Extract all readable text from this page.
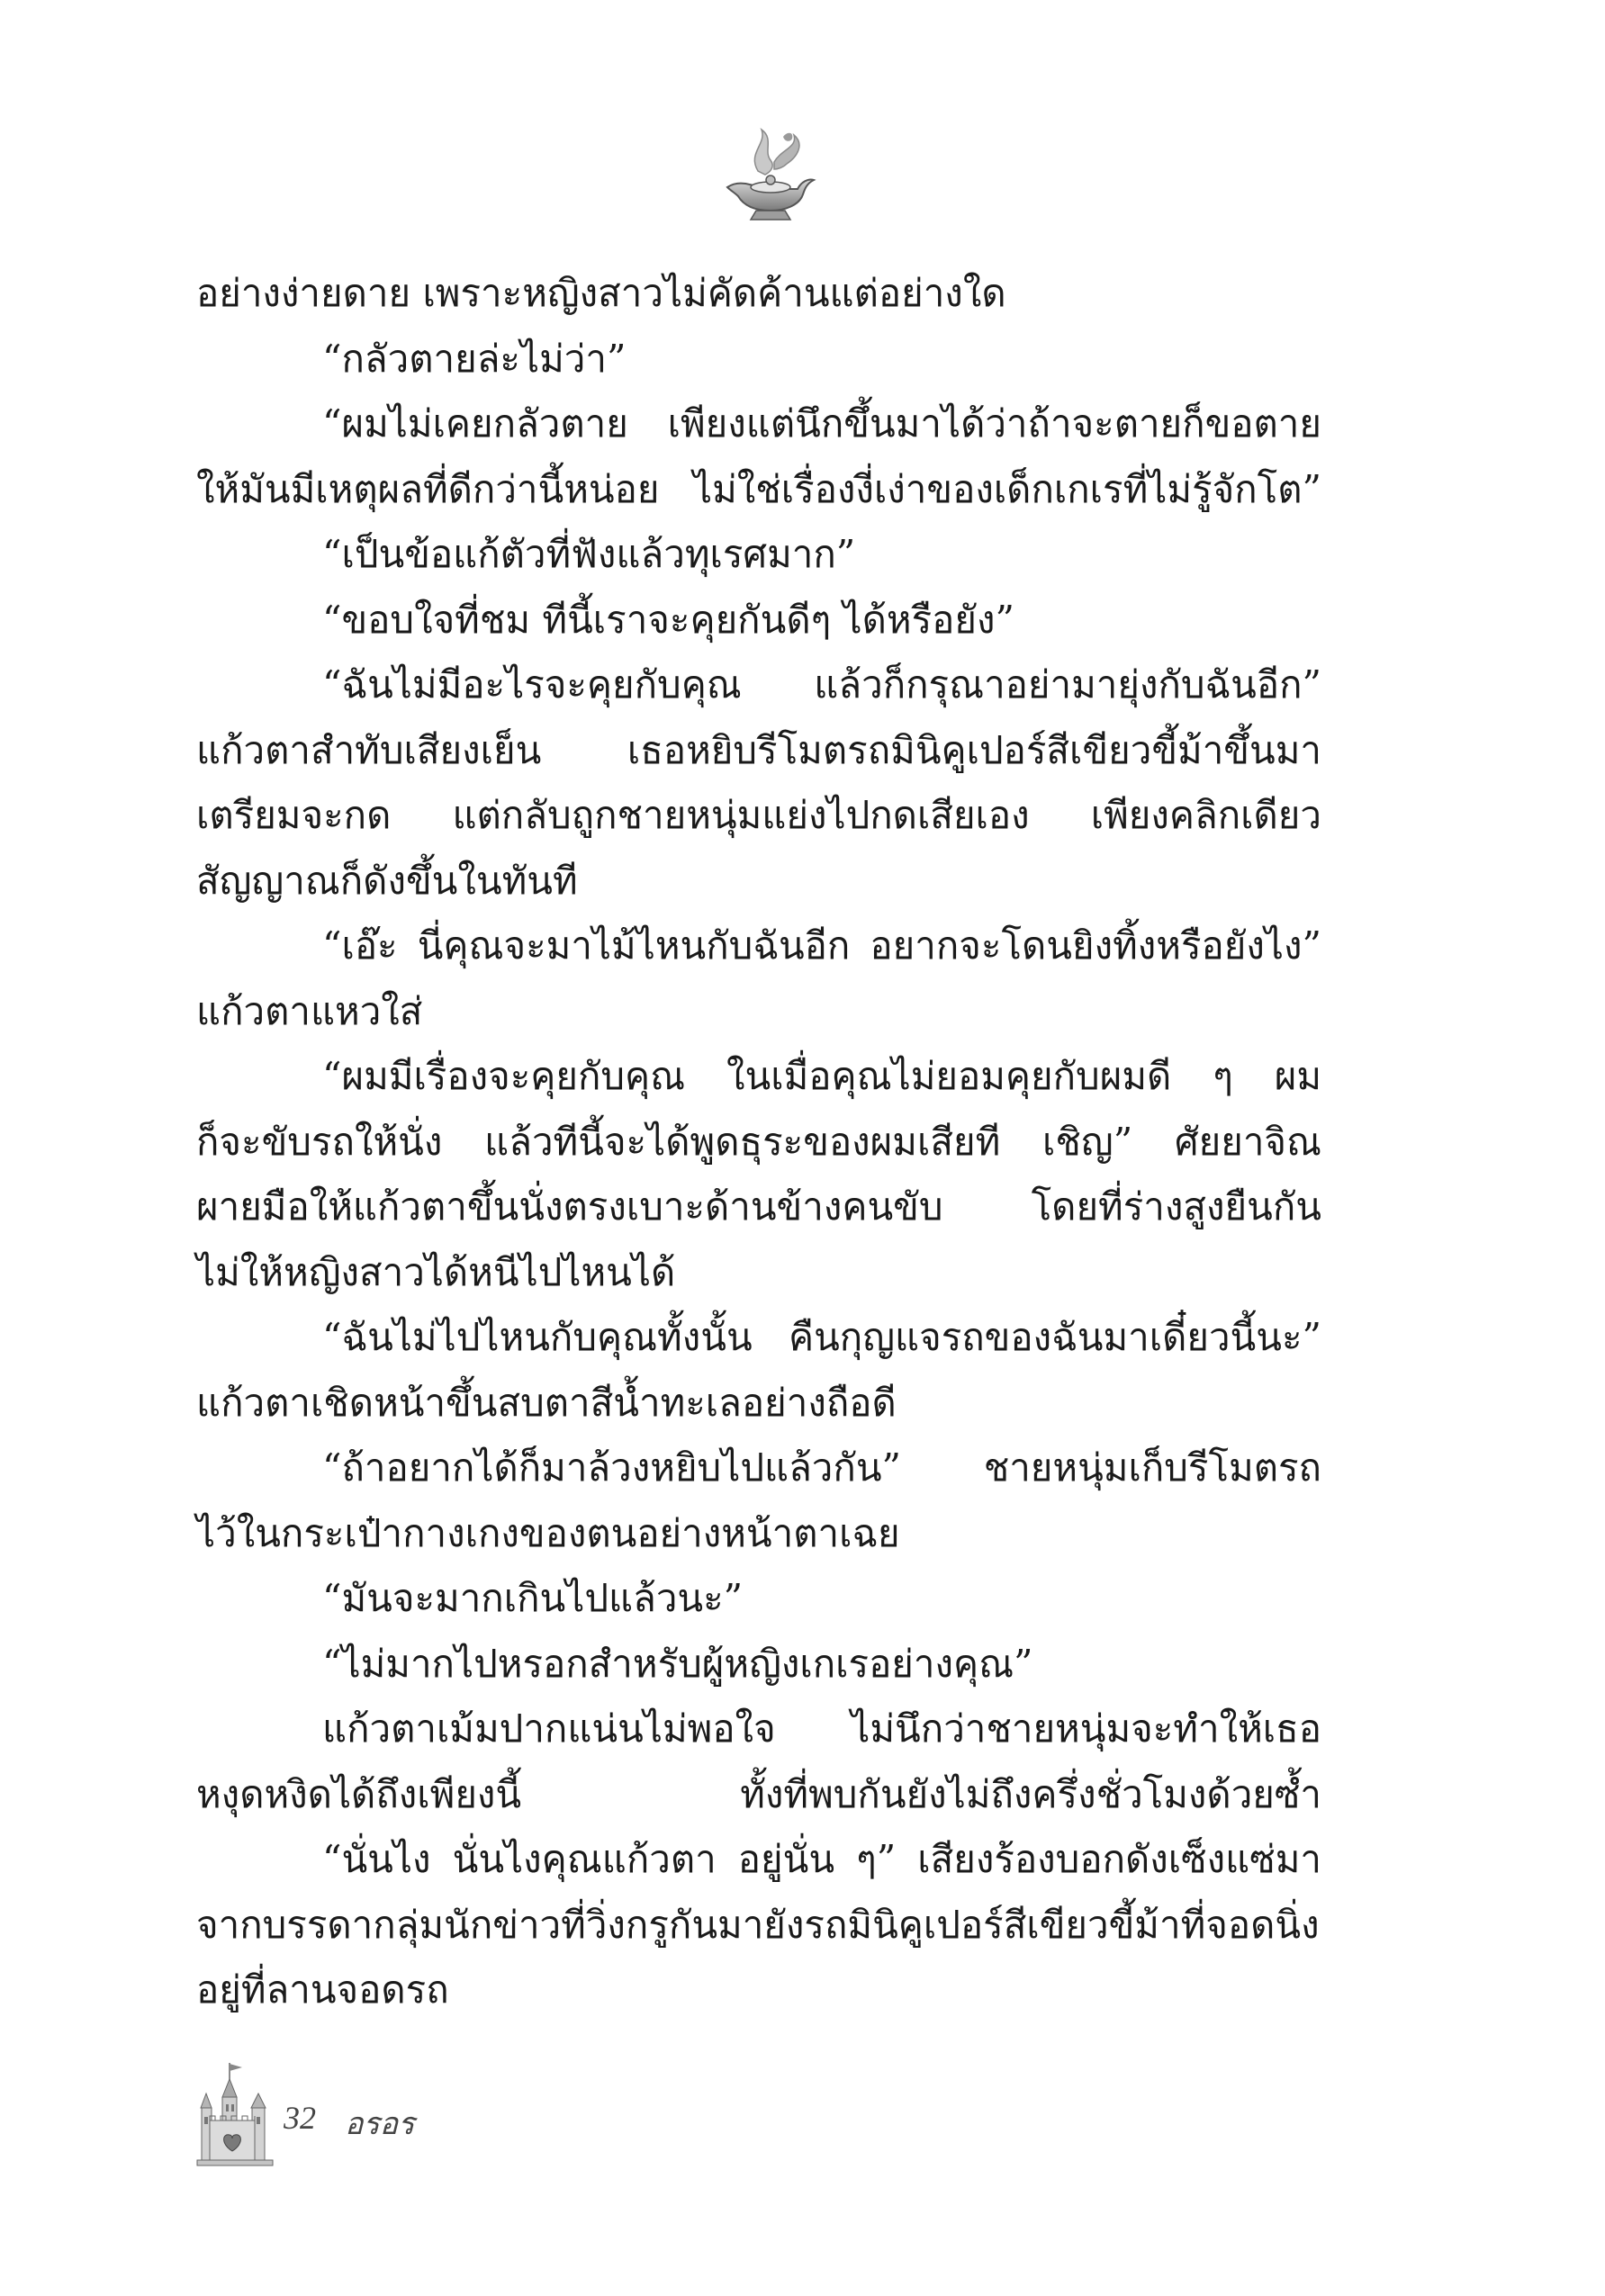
อย่างง่ายดาย เพราะหญิงสาวไม่คัดค้านแต่อย่างใด
“กลัวตายล่ะไม่ว่า”
“ผมไม่เคยกลัวตาย เพียงแต่นึกขึ้นมาได้ว่าถ้าจะตายก็ขอตาย
ให้มันมีเหตุผลที่ดีกว่านี้หน่อย ไม่ใช่เรื่องงี่เง่าของเด็กเกเรที่ไม่รู้จักโต”
“เป็นข้อแก้ตัวที่ฟังแล้วทุเรศมาก”
“ขอบใจที่ชม ทีนี้เราจะคุยกันดีๆ ได้หรือยัง”
“ฉันไม่มีอะไรจะคุยกับคุณ แล้วก็กรุณาอย่ามายุ่งกับฉันอีก”
แก้วตาสำทับเสียงเย็น เธอหยิบรีโมตรถมินิคูเปอร์สีเขียวขี้ม้าขึ้นมา
เตรียมจะกด แต่กลับถูกชายหนุ่มแย่งไปกดเสียเอง เพียงคลิกเดียว
สัญญาณก็ดังขึ้นในทันที
“เอ๊ะ นี่คุณจะมาไม้ไหนกับฉันอีก อยากจะโดนยิงทิ้งหรือยังไง”
แก้วตาแหวใส่
“ผมมีเรื่องจะคุยกับคุณ ในเมื่อคุณไม่ยอมคุยกับผมดี ๆ ผม
ก็จะขับรถให้นั่ง แล้วทีนี้จะได้พูดธุระของผมเสียที เชิญ” ศัยยาจิณ
ผายมือให้แก้วตาขึ้นนั่งตรงเบาะด้านข้างคนขับ โดยที่ร่างสูงยืนกัน
ไม่ให้หญิงสาวได้หนีไปไหนได้
“ฉันไม่ไปไหนกับคุณทั้งนั้น คืนกุญแจรถของฉันมาเดี๋ยวนี้นะ”
แก้วตาเชิดหน้าขึ้นสบตาสีน้ำทะเลอย่างถือดี
“ถ้าอยากได้ก็มาล้วงหยิบไปแล้วกัน” ชายหนุ่มเก็บรีโมตรถ
ไว้ในกระเป๋ากางเกงของตนอย่างหน้าตาเฉย
“มันจะมากเกินไปแล้วนะ”
“ไม่มากไปหรอกสำหรับผู้หญิงเกเรอย่างคุณ”
แก้วตาเม้มปากแน่นไม่พอใจ ไม่นึกว่าชายหนุ่มจะทำให้เธอ
หงุดหงิดได้ถึงเพียงนี้ ทั้งที่พบกันยังไม่ถึงครึ่งชั่วโมงด้วยซ้ำ
“นั่นไง นั่นไงคุณแก้วตา อยู่นั่น ๆ” เสียงร้องบอกดังเซ็งแซ่มา
จากบรรดากลุ่มนักข่าวที่วิ่งกรูกันมายังรถมินิคูเปอร์สีเขียวขี้ม้าที่จอดนิ่ง
อยู่ที่ลานจอดรถ
32 อรอร
